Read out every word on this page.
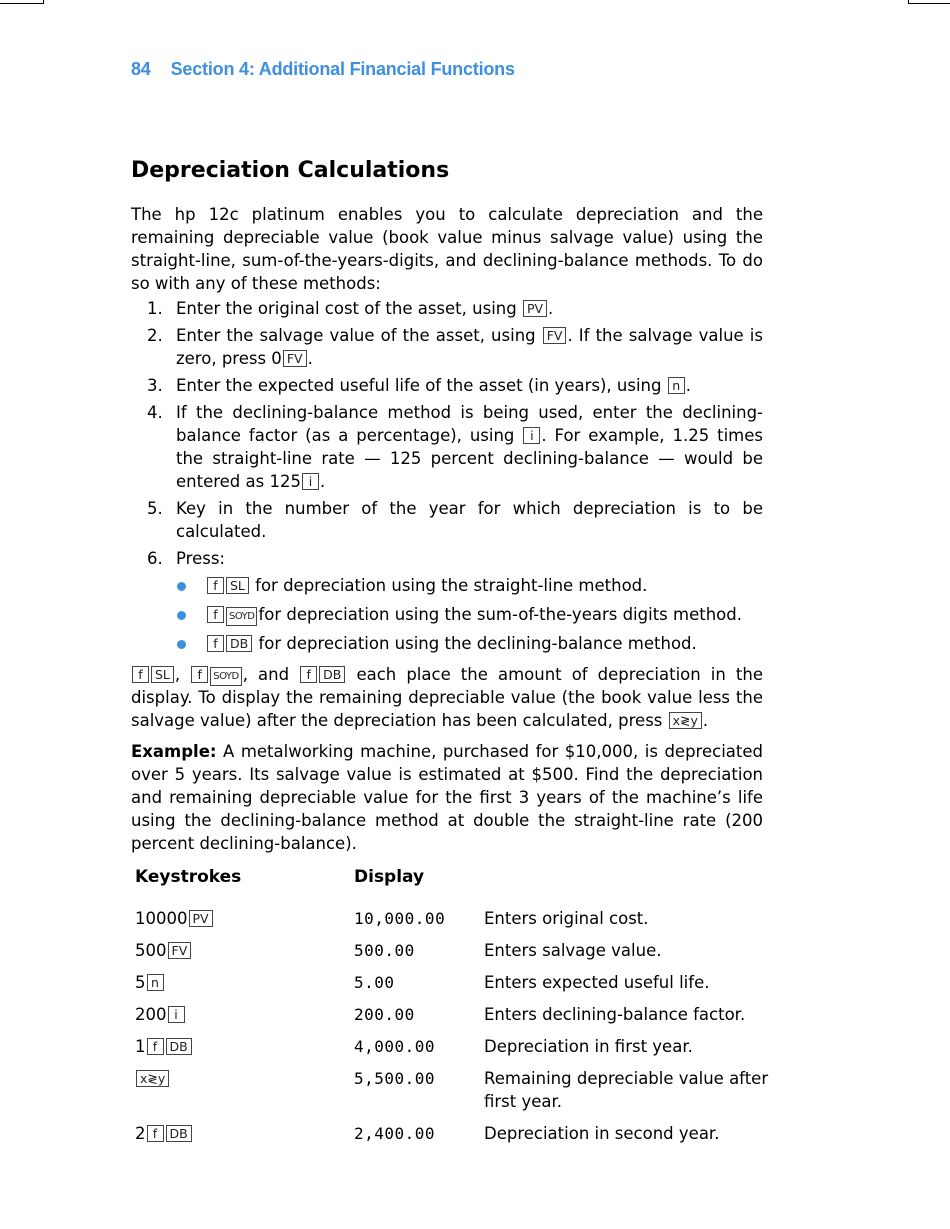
84 Section 4: Additional Financial Functions
Depreciation Calculations

The hp 12c platinum enables you to calculate depreciation and the remaining depreciable value (book value minus salvage value) using the straight-line, sum-of-the-years-digits, and declining-balance methods. To do so with any of these methods:

1. Enter the original cost of the asset, using PV .
2. Enter the salvage value of the asset, using FV . If the salvage value is zero, press 0 FV .
3. Enter the expected useful life of the asset (in years), using n .
4. If the declining-balance method is being used, enter the declining-balance factor (as a percentage), using i . For example, 1.25 times the straight-line rate — 125 percent declining-balance — would be entered as 125 i .
5. Key in the number of the year for which depreciation is to be calculated.
6. Press:
f SL for depreciation using the straight-line method.
f SOYD for depreciation using the sum-of-the-years digits method.
f DB for depreciation using the declining-balance method.

f SL , f SOYD , and f DB each place the amount of depreciation in the display. To display the remaining depreciable value (the book value less the salvage value) after the depreciation has been calculated, press x≷y .

Example: A metalworking machine, purchased for $10,000, is depreciated over 5 years. Its salvage value is estimated at $500. Find the depreciation and remaining depreciable value for the first 3 years of the machine’s life using the declining-balance method at double the straight-line rate (200 percent declining-balance).

Keystrokes	Display	
10000 PV	10,000.00	Enters original cost.
500 FV	500.00	Enters salvage value.
5 n	5.00	Enters expected useful life.
200 i	200.00	Enters declining-balance factor.
1 f DB	4,000.00	Depreciation in first year.
x≷y	5,500.00	Remaining depreciable value after first year.
2 f DB	2,400.00	Depreciation in second year.
